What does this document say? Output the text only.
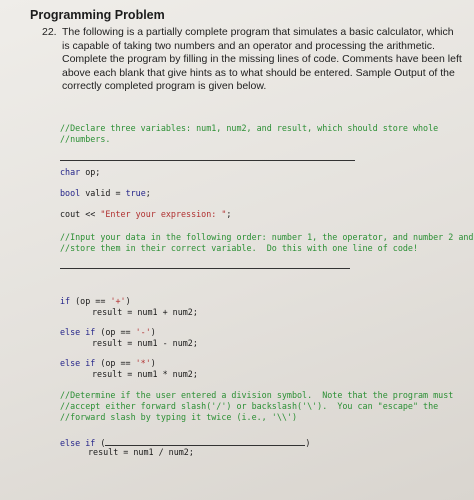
Programming Problem
22. The following is a partially complete program that simulates a basic calculator, which is capable of taking two numbers and an operator and processing the arithmetic. Complete the program by filling in the missing lines of code. Comments have been left above each blank that give hints as to what should be entered. Sample Output of the correctly completed program is given below.
//Declare three variables: num1, num2, and result, which should store whole
//numbers.
char op;
bool valid = true;
cout << "Enter your expression: ";
//Input your data in the following order: number 1, the operator, and number 2 and
//store them in their correct variable.  Do this with one line of code!
if (op == '+')
result = num1 + num2;
else if (op == '-')
result = num1 - num2;
else if (op == '*')
result = num1 * num2;
//Determine if the user entered a division symbol.  Note that the program must
//accept either forward slash('/') or backslash('\').  You can "escape" the
//forward slash by typing it twice (i.e., '\\')
else if (	)
result = num1 / num2;
